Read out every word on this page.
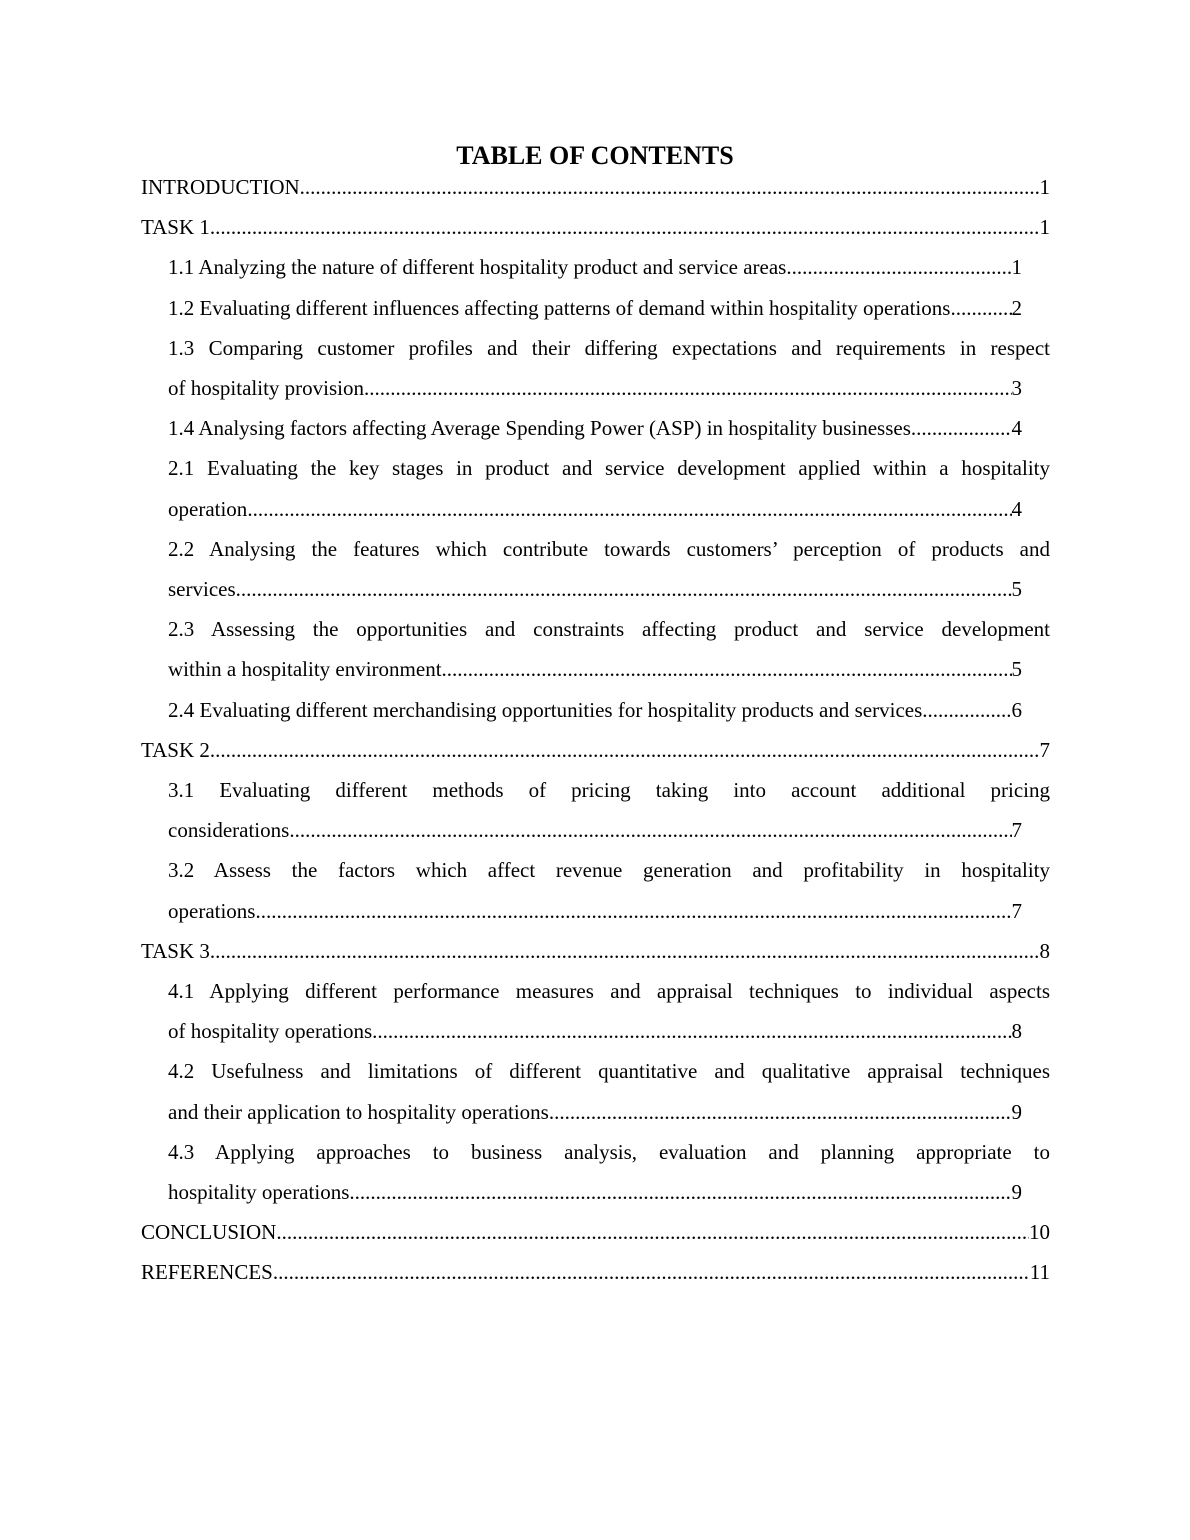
TABLE OF CONTENTS
INTRODUCTION .....	1
TASK 1 .....	1
1.1 Analyzing the nature of different hospitality product and service areas .....	1
1.2 Evaluating different influences affecting patterns of demand within hospitality operations .....	2
1.3 Comparing customer profiles and their differing expectations and requirements in respect
of hospitality provision .....	3
1.4 Analysing factors affecting Average Spending Power (ASP) in hospitality businesses. .....	4
2.1 Evaluating the key stages in product and service development applied within a hospitality
operation .....	4
2.2 Analysing the features which contribute towards customers’ perception of products and
services .....	5
2.3 Assessing the opportunities and constraints affecting product and service development
within a hospitality environment .....	5
2.4 Evaluating different merchandising opportunities for hospitality products and services .....	6
TASK 2 .....	7
3.1 Evaluating different methods of pricing taking into account additional pricing
considerations .....	7
3.2 Assess the factors which affect revenue generation and profitability in hospitality
operations .....	7
TASK 3 .....	8
4.1 Applying different performance measures and appraisal techniques to individual aspects
of hospitality operations .....	8
4.2 Usefulness and limitations of different quantitative and qualitative appraisal techniques
and their application to hospitality operations .....	9
4.3 Applying approaches to business analysis, evaluation and planning appropriate to
hospitality operations .....	9
CONCLUSION .....	10
REFERENCES .....	11
